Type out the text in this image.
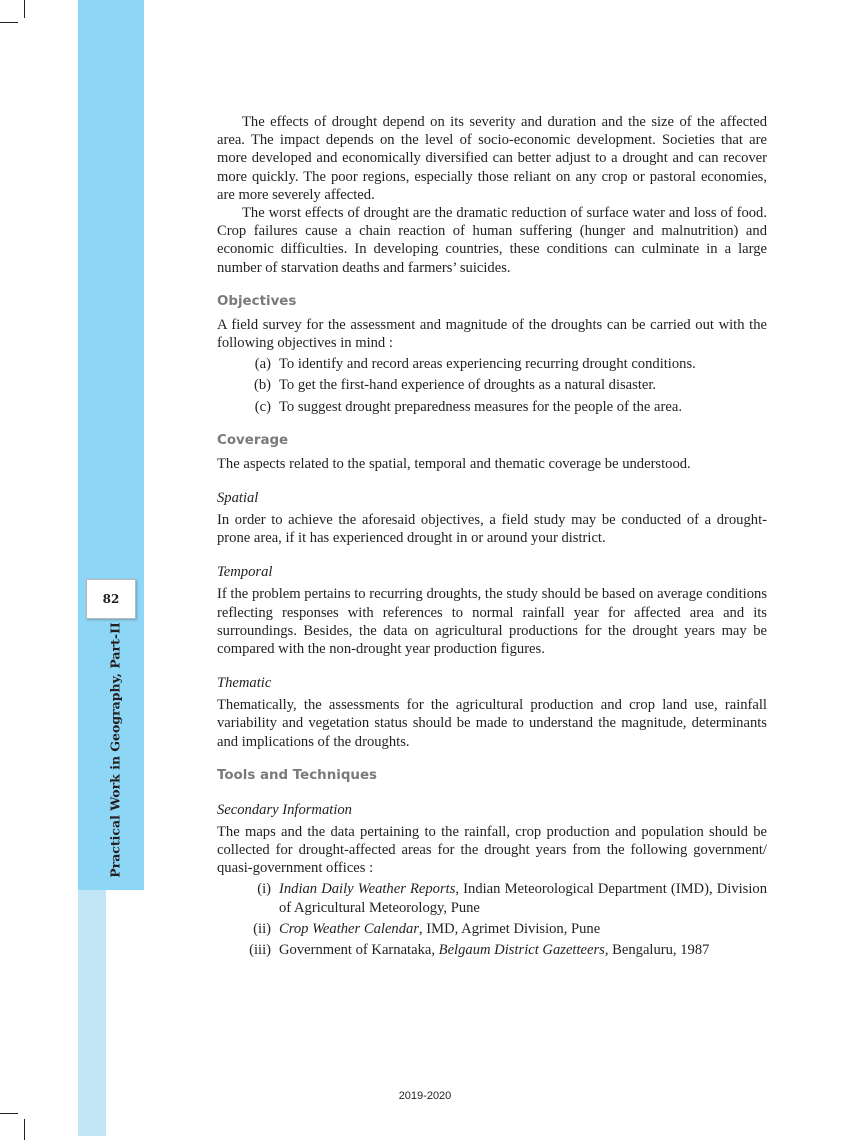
82
Practical Work in Geography, Part-II

The effects of drought depend on its severity and duration and the size of the affected area. The impact depends on the level of socio-economic development. Societies that are more developed and economically diversified can better adjust to a drought and can recover more quickly. The poor regions, especially those reliant on any crop or pastoral economies, are more severely affected.

The worst effects of drought are the dramatic reduction of surface water and loss of food. Crop failures cause a chain reaction of human suffering (hunger and malnutrition) and economic difficulties. In developing countries, these conditions can culminate in a large number of starvation deaths and farmers’ suicides.

Objectives

A field survey for the assessment and magnitude of the droughts can be carried out with the following objectives in mind :

(a) To identify and record areas experiencing recurring drought conditions.
(b) To get the first-hand experience of droughts as a natural disaster.
(c) To suggest drought preparedness measures for the people of the area.
Coverage

The aspects related to the spatial, temporal and thematic coverage be understood.

Spatial

In order to achieve the aforesaid objectives, a field study may be conducted of a drought-prone area, if it has experienced drought in or around your district.

Temporal

If the problem pertains to recurring droughts, the study should be based on average conditions reflecting responses with references to normal rainfall year for affected area and its surroundings. Besides, the data on agricultural productions for the drought years may be compared with the non-drought year production figures.

Thematic

Thematically, the assessments for the agricultural production and crop land use, rainfall variability and vegetation status should be made to understand the magnitude, determinants and implications of the droughts.

Tools and Techniques
Secondary Information

The maps and the data pertaining to the rainfall, crop production and population should be collected for drought-affected areas for the drought years from the following government/ quasi-government offices :

(i) Indian Daily Weather Reports, Indian Meteorological Department (IMD), Division of Agricultural Meteorology, Pune
(ii) Crop Weather Calendar, IMD, Agrimet Division, Pune
(iii) Government of Karnataka, Belgaum District Gazetteers, Bengaluru, 1987
2019-2020
